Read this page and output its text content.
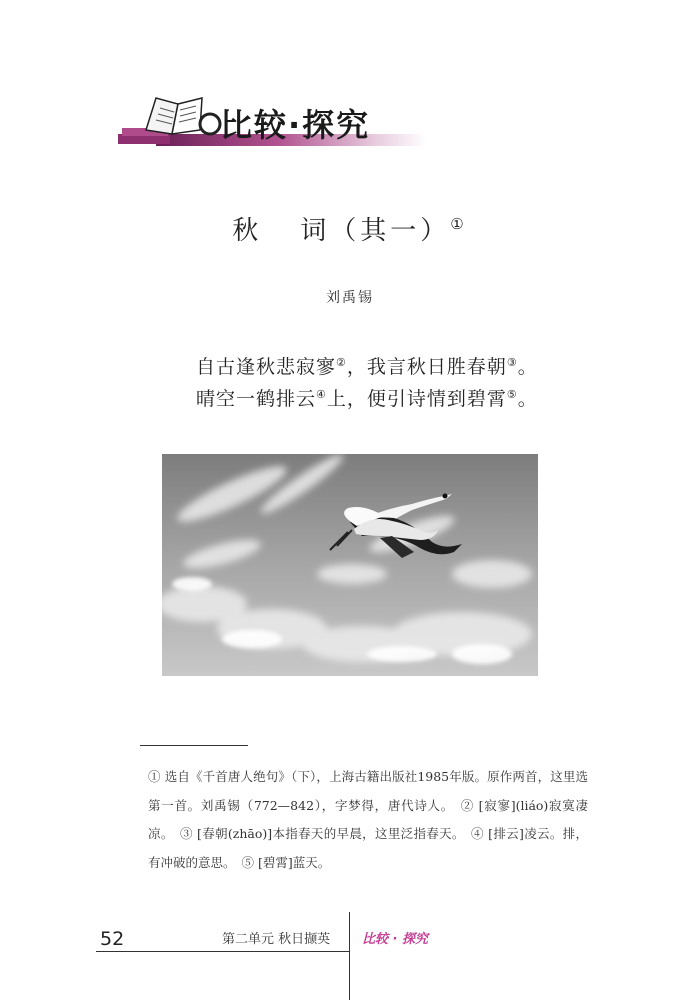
比较·探究
秋 词（其一）①
刘禹锡
自古逢秋悲寂寥②，我言秋日胜春朝③。
晴空一鹤排云④上，便引诗情到碧霄⑤。
① 选自《千首唐人绝句》（下），上海古籍出版社1985年版。原作两首，这里选第一首。刘禹锡（772—842），字梦得，唐代诗人。 ② [寂寥](liáo)寂寞凄凉。 ③ [春朝(zhāo)]本指春天的早晨，这里泛指春天。 ④ [排云]凌云。排，有冲破的意思。 ⑤ [碧霄]蓝天。
52	第二单元 秋日撷英 比较 · 探究
